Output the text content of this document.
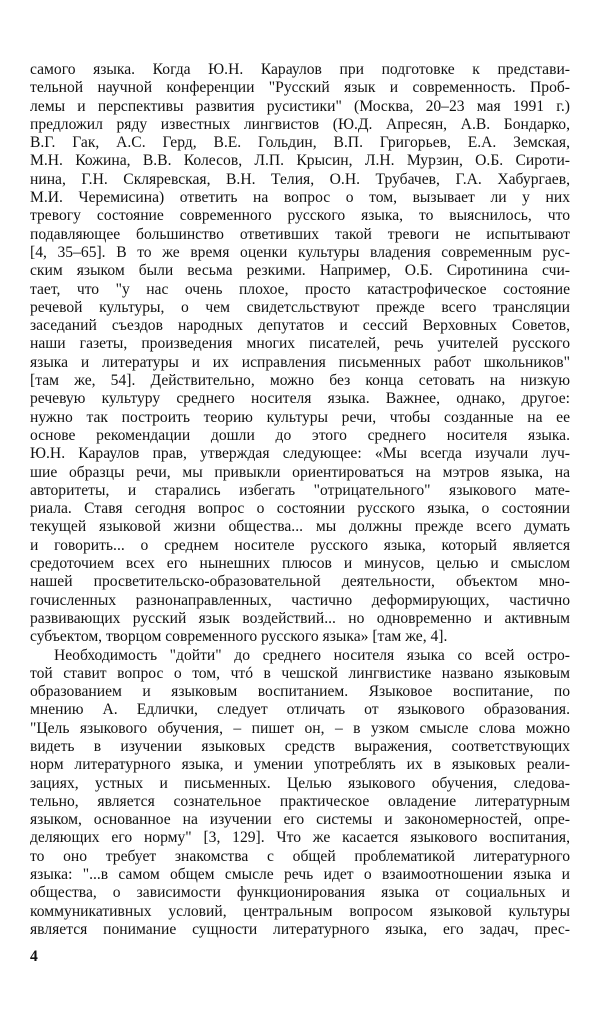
самого языка. Когда Ю.Н. Караулов при подготовке к представи-
тельной научной конференции "Русский язык и современность. Проб-
лемы и перспективы развития русистики" (Москва, 20–23 мая 1991 г.)
предложил ряду известных лингвистов (Ю.Д. Апресян, А.В. Бондарко,
В.Г. Гак, А.С. Герд, В.Е. Гольдин, В.П. Григорьев, Е.А. Земская,
М.Н. Кожина, В.В. Колесов, Л.П. Крысин, Л.Н. Мурзин, О.Б. Сироти-
нина, Г.Н. Скляревская, В.Н. Телия, О.Н. Трубачев, Г.А. Хабургаев,
М.И. Черемисина) ответить на вопрос о том, вызывает ли у них
тревогу состояние современного русского языка, то выяснилось, что
подавляющее большинство ответивших такой тревоги не испытывают
[4, 35–65]. В то же время оценки культуры владения современным рус-
ским языком были весьма резкими. Например, О.Б. Сиротинина счи-
тает, что "у нас очень плохое, просто катастрофическое состояние
речевой культуры, о чем свидетсльствуют прежде всего трансляции
заседаний съездов народных депутатов и сессий Верховных Советов,
наши газеты, произведения многих писателей, речь учителей русского
языка и литературы и их исправления письменных работ школьников"
[там же, 54]. Действительно, можно без конца сетовать на низкую
речевую культуру среднего носителя языка. Важнее, однако, другое:
нужно так построить теорию культуры речи, чтобы созданные на ее
основе рекомендации дошли до этого среднего носителя языка.
Ю.Н. Караулов прав, утверждая следующее: «Мы всегда изучали луч-
шие образцы речи, мы привыкли ориентироваться на мэтров языка, на
авторитеты, и старались избегать "отрицательного" языкового мате-
риала. Ставя сегодня вопрос о состоянии русского языка, о состоянии
текущей языковой жизни общества... мы должны прежде всего думать
и говорить... о среднем носителе русского языка, который является
средоточием всех его нынешних плюсов и минусов, целью и смыслом
нашей просветительско-образовательной деятельности, объектом мно-
гочисленных разнонаправленных, частично деформирующих, частично
развивающих русский язык воздействий... но одновременно и активным
субъектом, творцом современного русского языка» [там же, 4].
Необходимость "дойти" до среднего носителя языка со всей остро-
той ставит вопрос о том, чтó в чешской лингвистике названо языковым
образованием и языковым воспитанием. Языковое воспитание, по
мнению А. Едлички, следует отличать от языкового образования.
"Цель языкового обучения, – пишет он, – в узком смысле слова можно
видеть в изучении языковых средств выражения, соответствующих
норм литературного языка, и умении употреблять их в языковых реали-
зациях, устных и письменных. Целью языкового обучения, следова-
тельно, является сознательное практическое овладение литературным
языком, основанное на изучении его системы и закономерностей, опре-
деляющих его норму" [3, 129]. Что же касается языкового воспитания,
то оно требует знакомства с общей проблематикой литературного
языка: "...в самом общем смысле речь идет о взаимоотношении языка и
общества, о зависимости функционирования языка от социальных и
коммуникативных условий, центральным вопросом языковой культуры
является понимание сущности литературного языка, его задач, прес-
4
